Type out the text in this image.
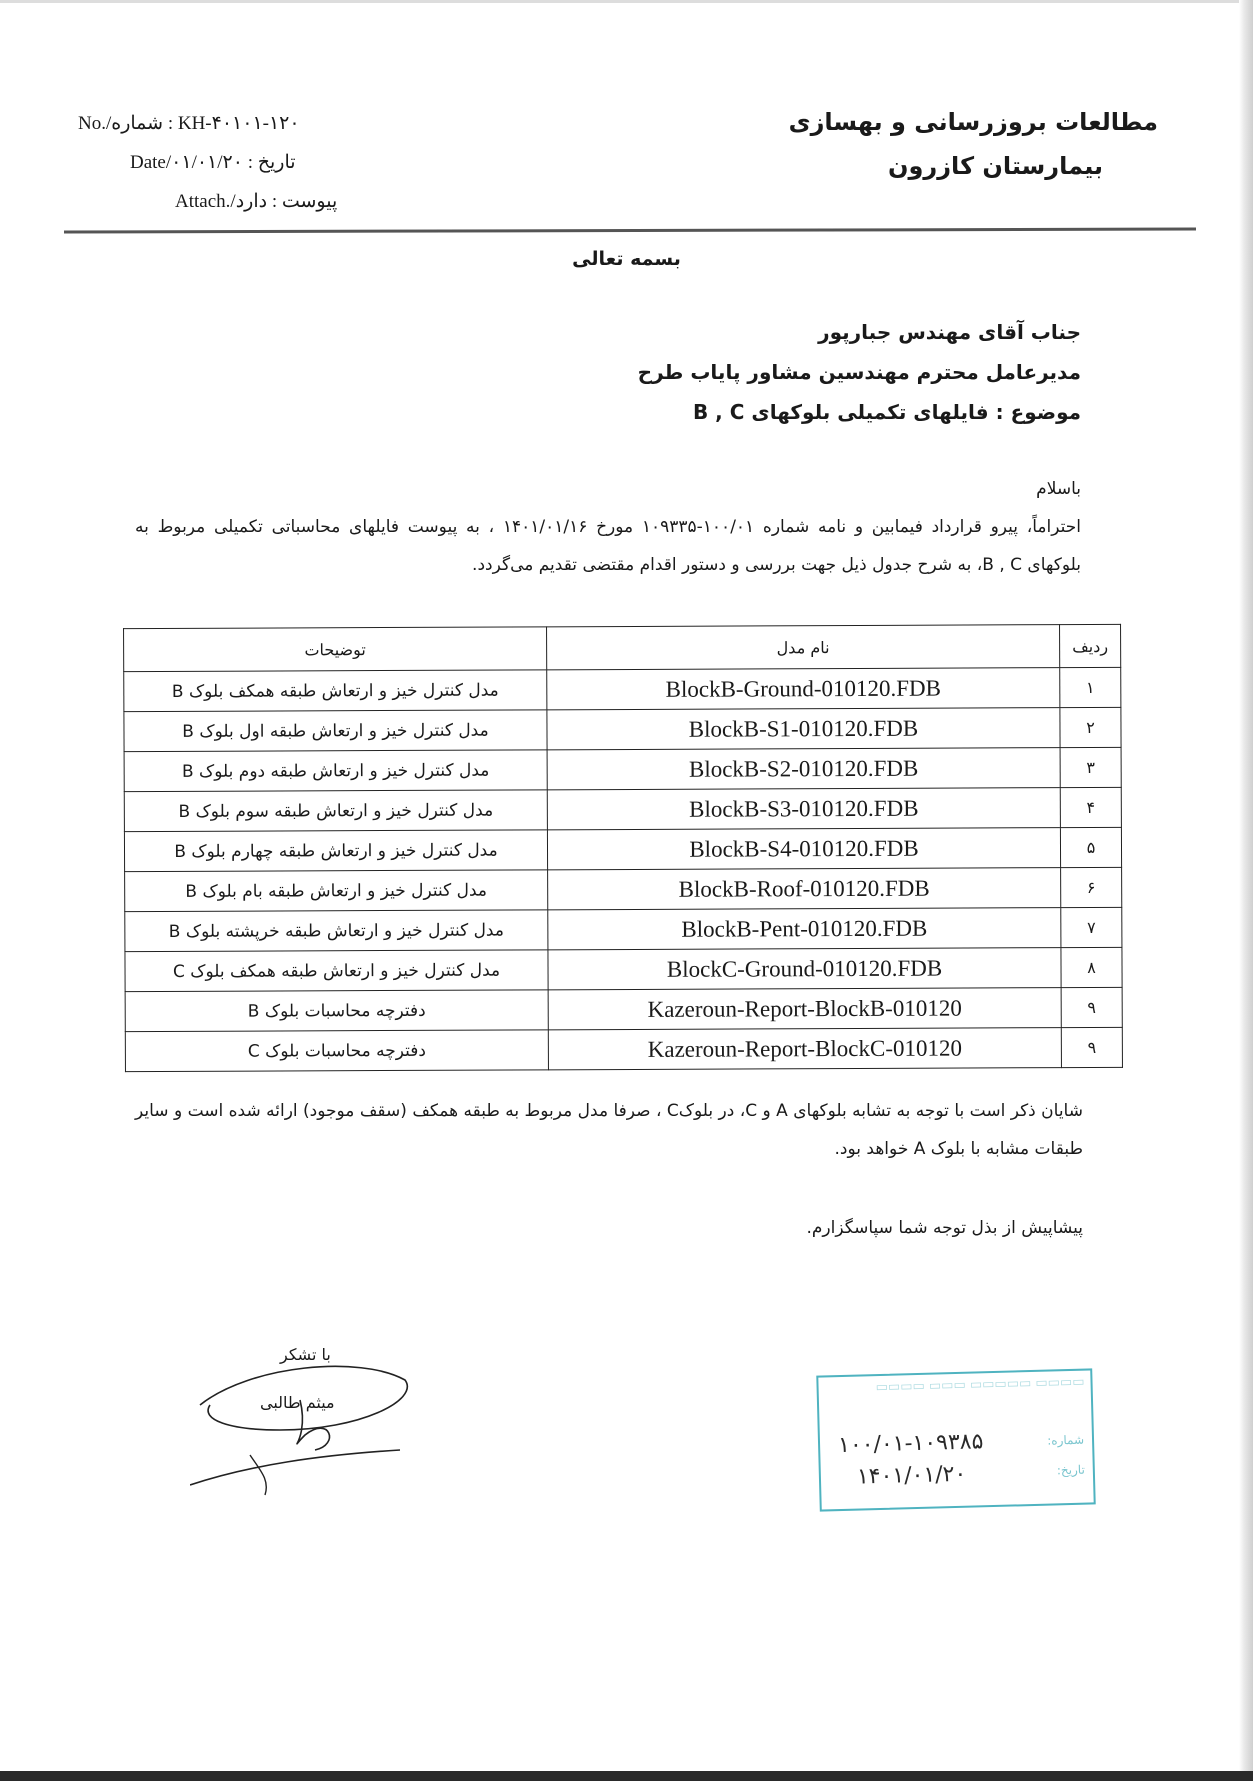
مطالعات بروزرسانی و بهسازی
بیمارستان کازرون
No./شماره : KH-۴۰۱۰۱-۱۲۰
Date/تاریخ : ۰۱/۰۱/۲۰
Attach./پیوست : دارد
بسمه تعالی
جناب آقای مهندس جبارپور
مدیرعامل محترم مهندسین مشاور پایاب طرح
موضوع : فایلهای تکمیلی بلوکهای B , C
باسلام
احتراماً، پیرو قرارداد فیمابین و نامه شماره ۱۰۰/۰۱-۱۰۹۳۳۵ مورخ ۱۴۰۱/۰۱/۱۶ ، به پیوست فایلهای محاسباتی تکمیلی مربوط به بلوکهای B , C، به شرح جدول ذیل جهت بررسی و دستور اقدام مقتضی تقدیم می‌گردد.
ردیف	نام مدل	توضیحات
۱	BlockB-Ground-010120.FDB	مدل کنترل خیز و ارتعاش طبقه همکف بلوک B
۲	BlockB-S1-010120.FDB	مدل کنترل خیز و ارتعاش طبقه اول بلوک B
۳	BlockB-S2-010120.FDB	مدل کنترل خیز و ارتعاش طبقه دوم بلوک B
۴	BlockB-S3-010120.FDB	مدل کنترل خیز و ارتعاش طبقه سوم بلوک B
۵	BlockB-S4-010120.FDB	مدل کنترل خیز و ارتعاش طبقه چهارم بلوک B
۶	BlockB-Roof-010120.FDB	مدل کنترل خیز و ارتعاش طبقه بام بلوک B
۷	BlockB-Pent-010120.FDB	مدل کنترل خیز و ارتعاش طبقه خرپشته بلوک B
۸	BlockC-Ground-010120.FDB	مدل کنترل خیز و ارتعاش طبقه همکف بلوک C
۹	Kazeroun-Report-BlockB-010120	دفترچه محاسبات بلوک B
۹	Kazeroun-Report-BlockC-010120	دفترچه محاسبات بلوک C
شایان ذکر است با توجه به تشابه بلوکهای A و C، در بلوکC ، صرفا مدل مربوط به طبقه همکف (سقف موجود) ارائه شده است و سایر طبقات مشابه با بلوک A خواهد بود.
پیشاپیش از بذل توجه شما سپاسگزارم.
با تشکر
میثم طالبی
▭▭▭▭ ▭▭▭▭▭ ▭▭▭ ▭▭▭▭
شماره:
۱۰۰/۰۱-۱۰۹۳۸۵
تاریخ:
۱۴۰۱/۰۱/۲۰
